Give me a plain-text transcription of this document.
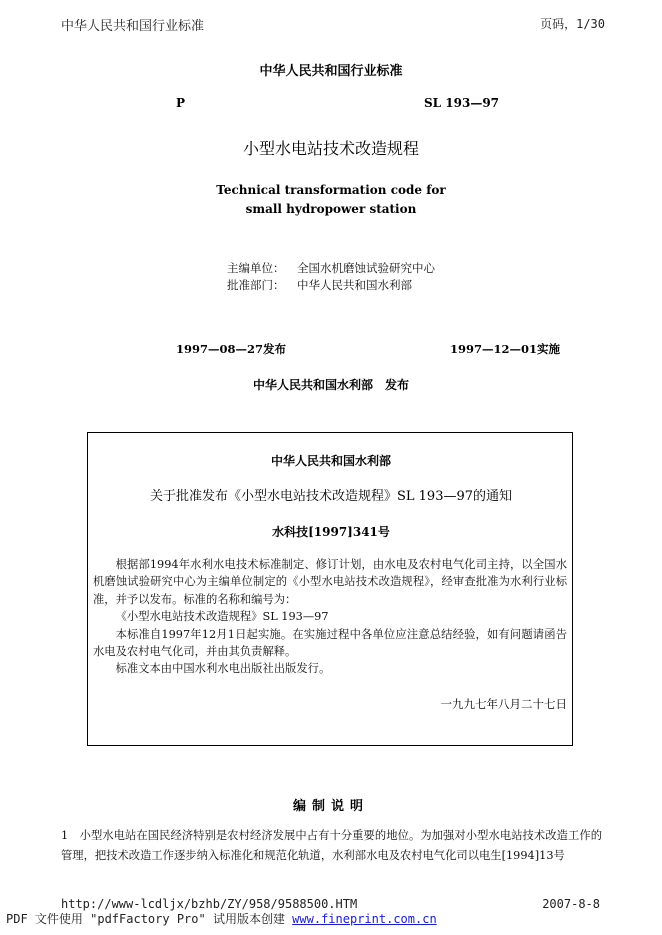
中华人民共和国行业标准	页码，1/30
中华人民共和国行业标准
P	SL 193—97
小型水电站技术改造规程
Technical transformation code for
small hydropower station
主编单位： 全国水机磨蚀试验研究中心
批准部门： 中华人民共和国水利部
1997—08—27发布	1997—12—01实施
中华人民共和国水利部　发布
中华人民共和国水利部
关于批准发布《小型水电站技术改造规程》SL 193—97的通知
水科技[1997]341号

根据部1994年水利水电技术标准制定、修订计划，由水电及农村电气化司主持，以全国水机磨蚀试验研究中心为主编单位制定的《小型水电站技术改造规程》，经审查批准为水利行业标准，并予以发布。标准的名称和编号为：

《小型水电站技术改造规程》SL 193—97

本标准自1997年12月1日起实施。在实施过程中各单位应注意总结经验，如有问题请函告水电及农村电气化司，并由其负责解释。

标准文本由中国水利水电出版社出版发行。

一九九七年八月二十七日
编制说明

1　小型水电站在国民经济特别是农村经济发展中占有十分重要的地位。为加强对小型水电站技术改造工作的管理，把技术改造工作逐步纳入标准化和规范化轨道，水利部水电及农村电气化司以电生[1994]13号

http://www-lcdljx/bzhb/ZY/958/9588500.HTM	2007-8-8
PDF 文件使用 "pdfFactory Pro" 试用版本创建 www.fineprint.com.cn
